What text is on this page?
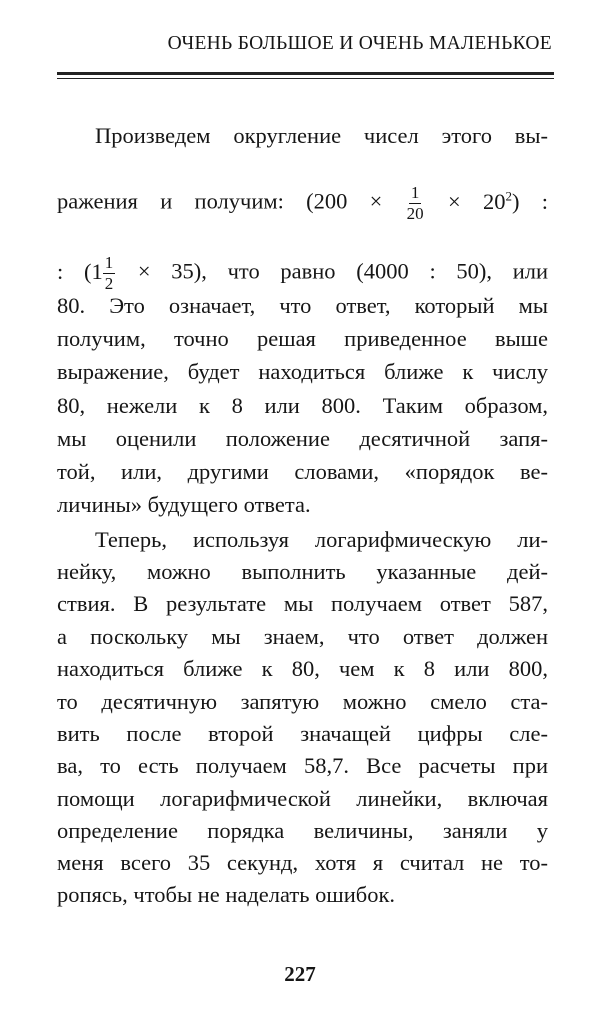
ОЧЕНЬ БОЛЬШОЕ И ОЧЕНЬ МАЛЕНЬКОЕ
Произведем округление чисел этого вы-
ражения и получим: $(200 \times \frac{1}{20} \times 20^2)$ :
: $(1 \frac{1}{2} \times 35)$, что равно (4000 : 50), или
80. Это означает, что ответ, который мы
получим, точно решая приведенное выше
выражение, будет находиться ближе к числу
80, нежели к 8 или 800. Таким образом,
мы оценили положение десятичной запя-
той, или, другими словами, «порядок ве-
личины» будущего ответа.
Теперь, используя логарифмическую ли-
нейку, можно выполнить указанные дей-
ствия. В результате мы получаем ответ 587,
а поскольку мы знаем, что ответ должен
находиться ближе к 80, чем к 8 или 800,
то десятичную запятую можно смело ста-
вить после второй значащей цифры сле-
ва, то есть получаем 58,7. Все расчеты при
помощи логарифмической линейки, включая
определение порядка величины, заняли у
меня всего 35 секунд, хотя я считал не то-
ропясь, чтобы не наделать ошибок.
227
